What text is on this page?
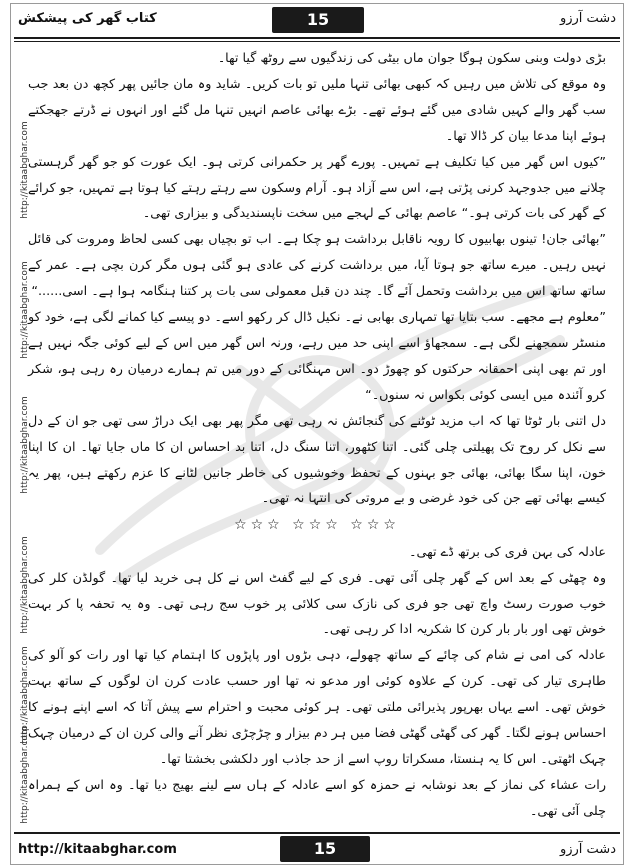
کتاب گھر کی پیشکش	15	دشت آرزو
http://kitaabghar.com
http://kitaabghar.com
http://kitaabghar.com
http://kitaabghar.com
http://kitaabghar.com
http://kitaabghar.com

بڑی دولت وبنی سکون ہوگا جوان ماں بیٹی کی زندگیوں سے روٹھ گیا تھا۔

وہ موقع کی تلاش میں رہیں کہ کبھی بھائی تنہا ملیں تو بات کریں۔ شاید وہ مان جائیں پھر کچھ دن بعد جب سب گھر والے کہیں شادی میں گئے ہوئے تھے۔ بڑے بھائی عاصم انہیں تنہا مل گئے اور انہوں نے ڈرتے جھجکتے ہوئے اپنا مدعا بیان کر ڈالا تھا۔

”کیوں اس گھر میں کیا تکلیف ہے تمہیں۔ پورے گھر پر حکمرانی کرتی ہو۔ ایک عورت کو جو گھر گرہستی چلانے میں جدوجہد کرنی پڑتی ہے، اس سے آزاد ہو۔ آرام وسکون سے رہتے رہتے کیا ہوتا ہے تمہیں، جو کرائے کے گھر کی بات کرتی ہو۔“ عاصم بھائی کے لہجے میں سخت ناپسندیدگی و بیزاری تھی۔

”بھائی جان! تینوں بھابیوں کا رویہ ناقابل برداشت ہو چکا ہے۔ اب تو بچیاں بھی کسی لحاظ ومروت کی قائل نہیں رہیں۔ میرے ساتھ جو ہوتا آیا، میں برداشت کرنے کی عادی ہو گئی ہوں مگر کرن بچی ہے۔ عمر کے ساتھ ساتھ اس میں برداشت وتحمل آئے گا۔ چند دن قبل معمولی سی بات پر کتنا ہنگامہ ہوا ہے۔ اسی......“

”معلوم ہے مجھے۔ سب بتایا تھا تمہاری بھابی نے۔ نکیل ڈال کر رکھو اسے۔ دو پیسے کیا کمانے لگی ہے، خود کو منسٹر سمجھنے لگی ہے۔ سمجھاؤ اسے اپنی حد میں رہے، ورنہ اس گھر میں اس کے لیے کوئی جگہ نہیں ہے اور تم بھی اپنی احمقانہ حرکتوں کو چھوڑ دو۔ اس مہنگائی کے دور میں تم ہمارے درمیان رہ رہی ہو، شکر کرو آئندہ میں ایسی کوئی بکواس نہ سنوں۔“

دل اتنی بار ٹوٹا تھا کہ اب مزید ٹوٹنے کی گنجائش نہ رہی تھی مگر پھر بھی ایک دراڑ سی تھی جو ان کے دل سے نکل کر روح تک پھیلتی چلی گئی۔ اتنا کٹھور، اتنا سنگ دل، اتنا بد احساس ان کا ماں جایا تھا۔ ان کا اپنا خون، اپنا سگا بھائی، بھائی جو بہنوں کے تحفظ وخوشیوں کی خاطر جانیں لٹانے کا عزم رکھتے ہیں، پھر یہ کیسے بھائی تھے جن کی خود غرضی و بے مروتی کی انتہا نہ تھی۔

☆☆☆ ☆☆☆ ☆☆☆

عادلہ کی بہن فری کی برتھ ڈے تھی۔

وہ چھٹی کے بعد اس کے گھر چلی آئی تھی۔ فری کے لیے گفٹ اس نے کل ہی خرید لیا تھا۔ گولڈن کلر کی خوب صورت رسٹ واچ تھی جو فری کی نازک سی کلائی پر خوب سج رہی تھی۔ وہ یہ تحفہ پا کر بہت خوش تھی اور بار بار کرن کا شکریہ ادا کر رہی تھی۔

عادلہ کی امی نے شام کی چائے کے ساتھ چھولے، دہی بڑوں اور پاپڑوں کا اہتمام کیا تھا اور رات کو آلو کی طاہری تیار کی تھی۔ کرن کے علاوہ کوئی اور مدعو نہ تھا اور حسب عادت کرن ان لوگوں کے ساتھ بہت خوش تھی۔ اسے یہاں بھرپور پذیرائی ملتی تھی۔ ہر کوئی محبت و احترام سے پیش آتا کہ اسے اپنے ہونے کا احساس ہونے لگتا۔ گھر کی گھٹی گھٹی فضا میں ہر دم بیزار و چڑچڑی نظر آنے والی کرن ان کے درمیان چہک چہک اٹھتی۔ اس کا یہ ہنستا، مسکراتا روپ اسے از حد جاذب اور دلکشی بخشتا تھا۔

رات عشاء کی نماز کے بعد نوشابہ نے حمزہ کو اسے عادلہ کے ہاں سے لینے بھیج دیا تھا۔ وہ اس کے ہمراہ چلی آئی تھی۔

http://kitaabghar.com	15	دشت آرزو
